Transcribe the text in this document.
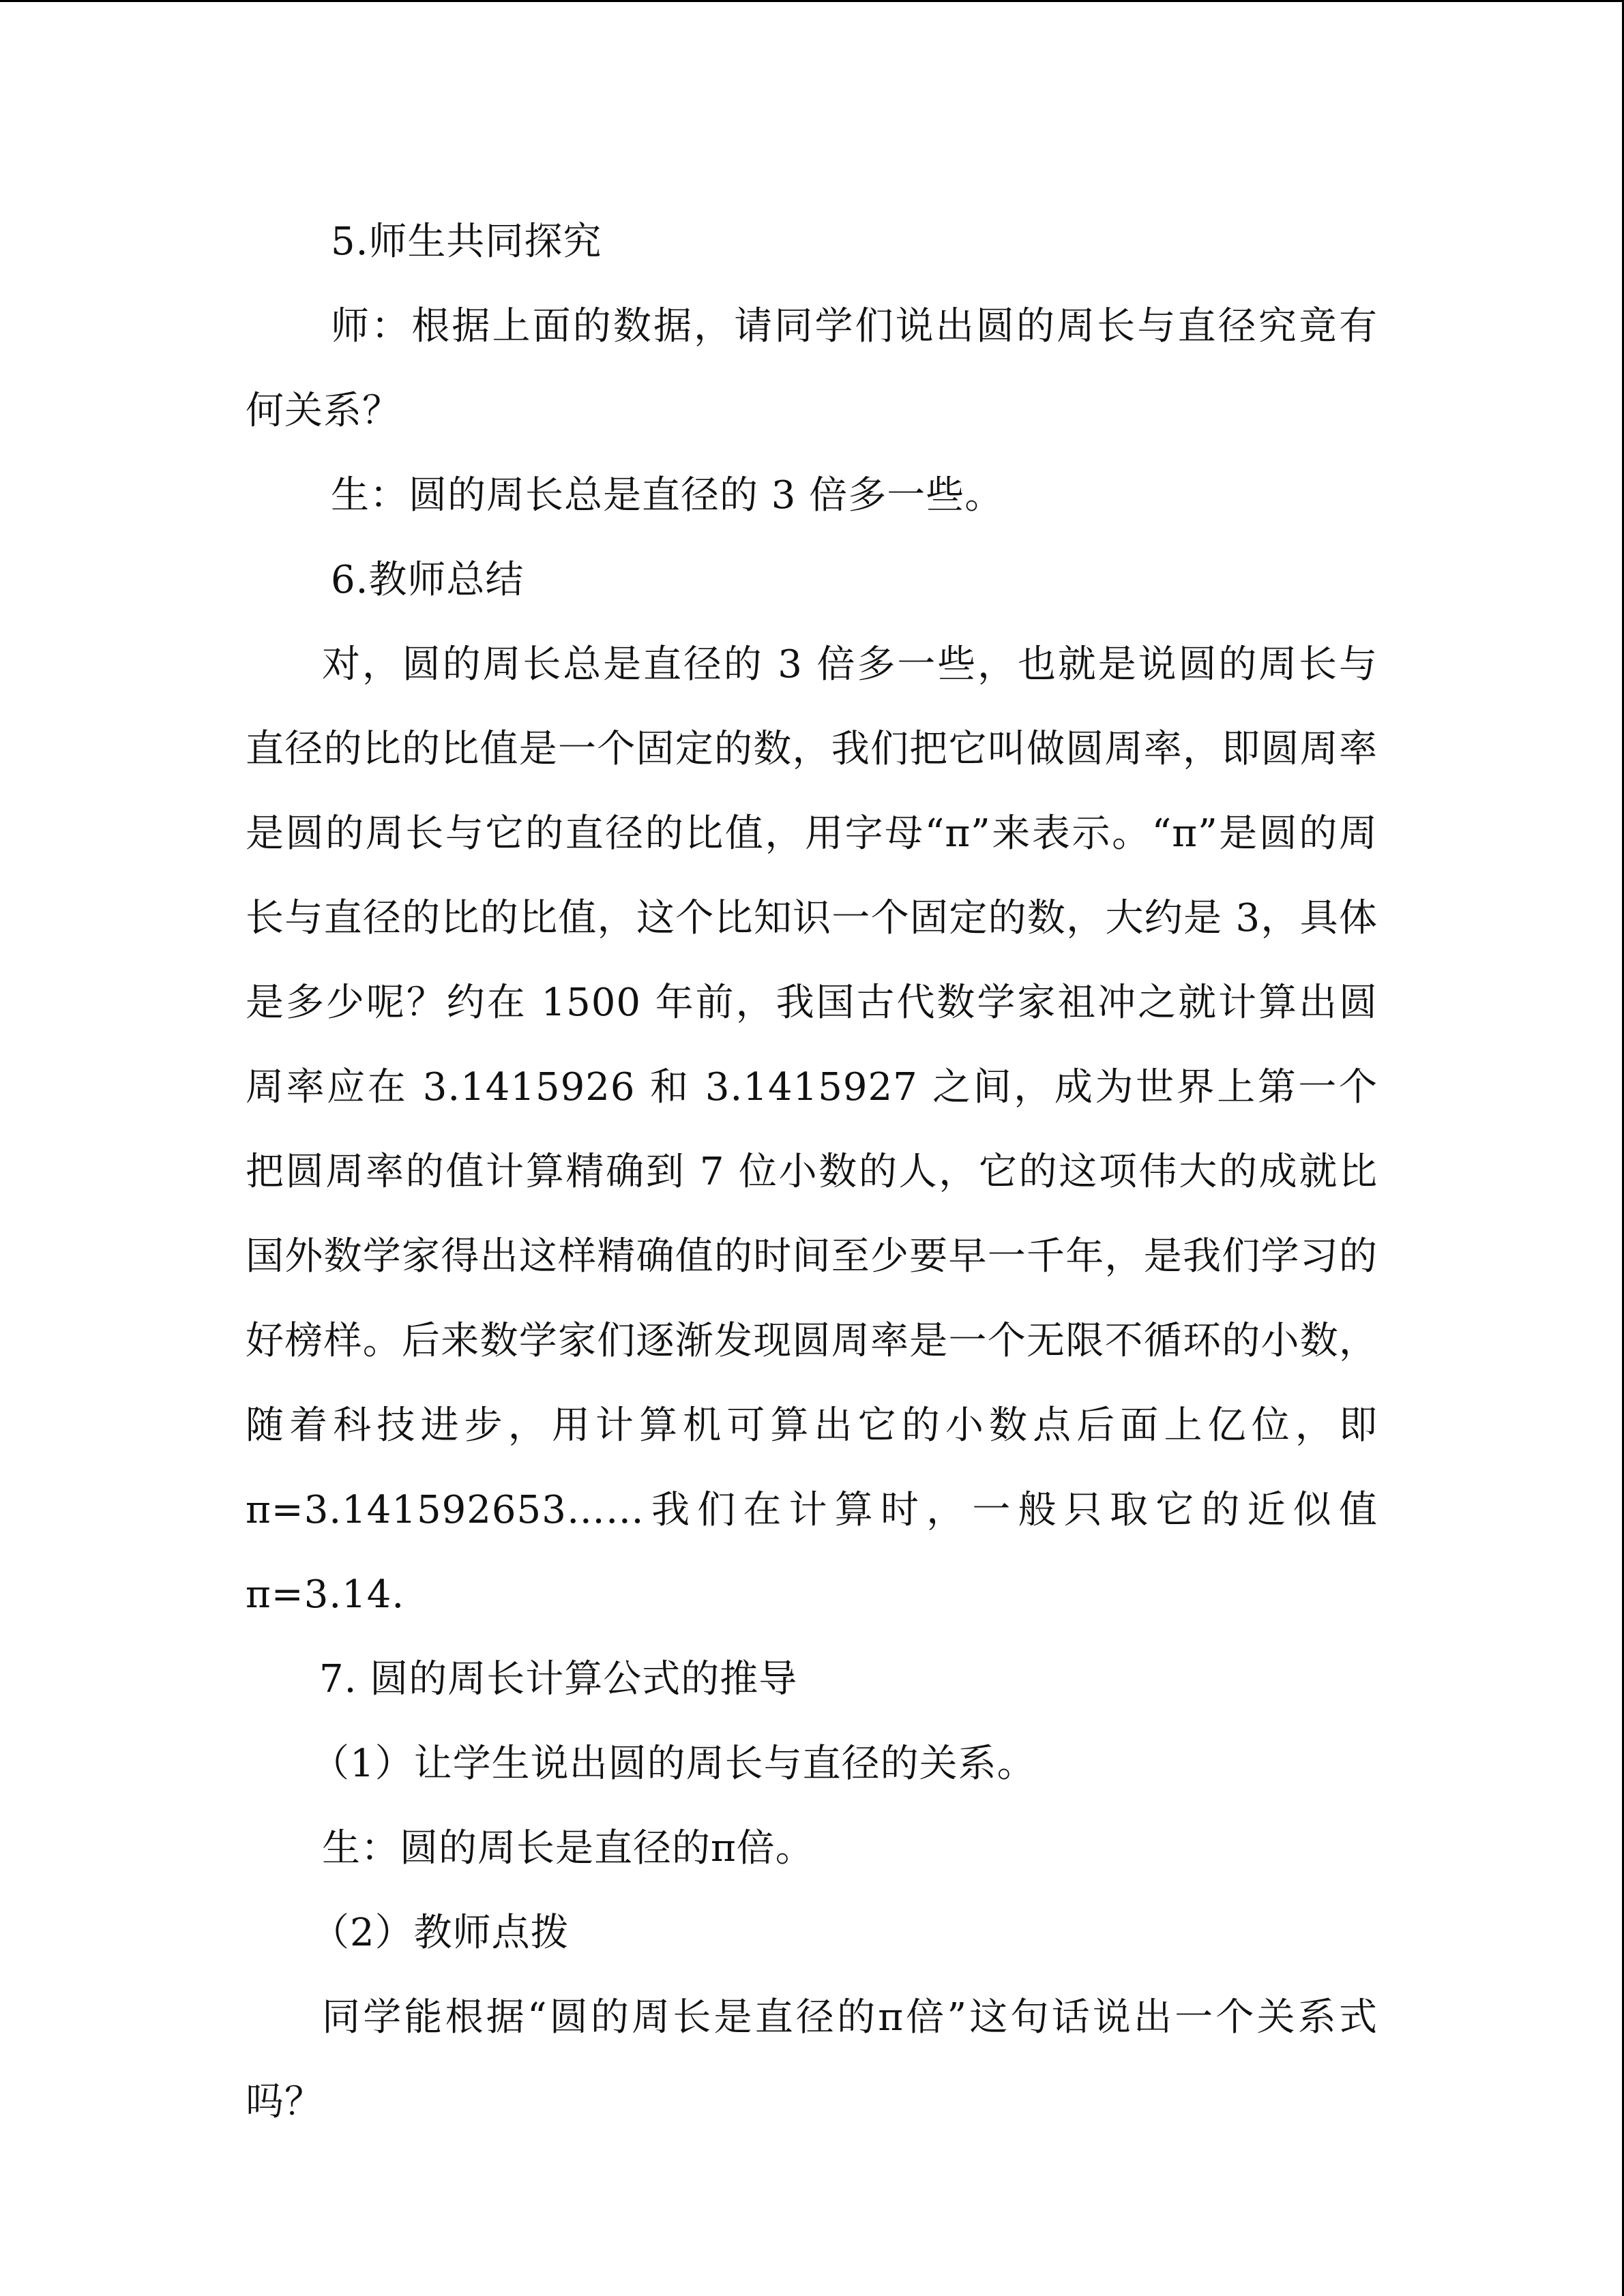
5.师生共同探究

师：根据上面的数据，请同学们说出圆的周长与直径究竟有何关系？

生：圆的周长总是直径的 3 倍多一些。

6.教师总结

对，圆的周长总是直径的 3 倍多一些，也就是说圆的周长与直径的比的比值是一个固定的数，我们把它叫做圆周率，即圆周率是圆的周长与它的直径的比值，用字母“π”来表示。“π”是圆的周长与直径的比的比值，这个比知识一个固定的数，大约是 3，具体是多少呢？约在 1500 年前，我国古代数学家祖冲之就计算出圆周率应在 3.1415926 和 3.1415927 之间，成为世界上第一个把圆周率的值计算精确到 7 位小数的人，它的这项伟大的成就比国外数学家得出这样精确值的时间至少要早一千年，是我们学习的好榜样。后来数学家们逐渐发现圆周率是一个无限不循环的小数，随着科技进步，用计算机可算出它的小数点后面上亿位，即π=3.141592653……我们在计算时，一般只取它的近似值π=3.14.

7. 圆的周长计算公式的推导

（1）让学生说出圆的周长与直径的关系。

生：圆的周长是直径的π倍。

（2）教师点拨

同学能根据“圆的周长是直径的π倍”这句话说出一个关系式吗？
